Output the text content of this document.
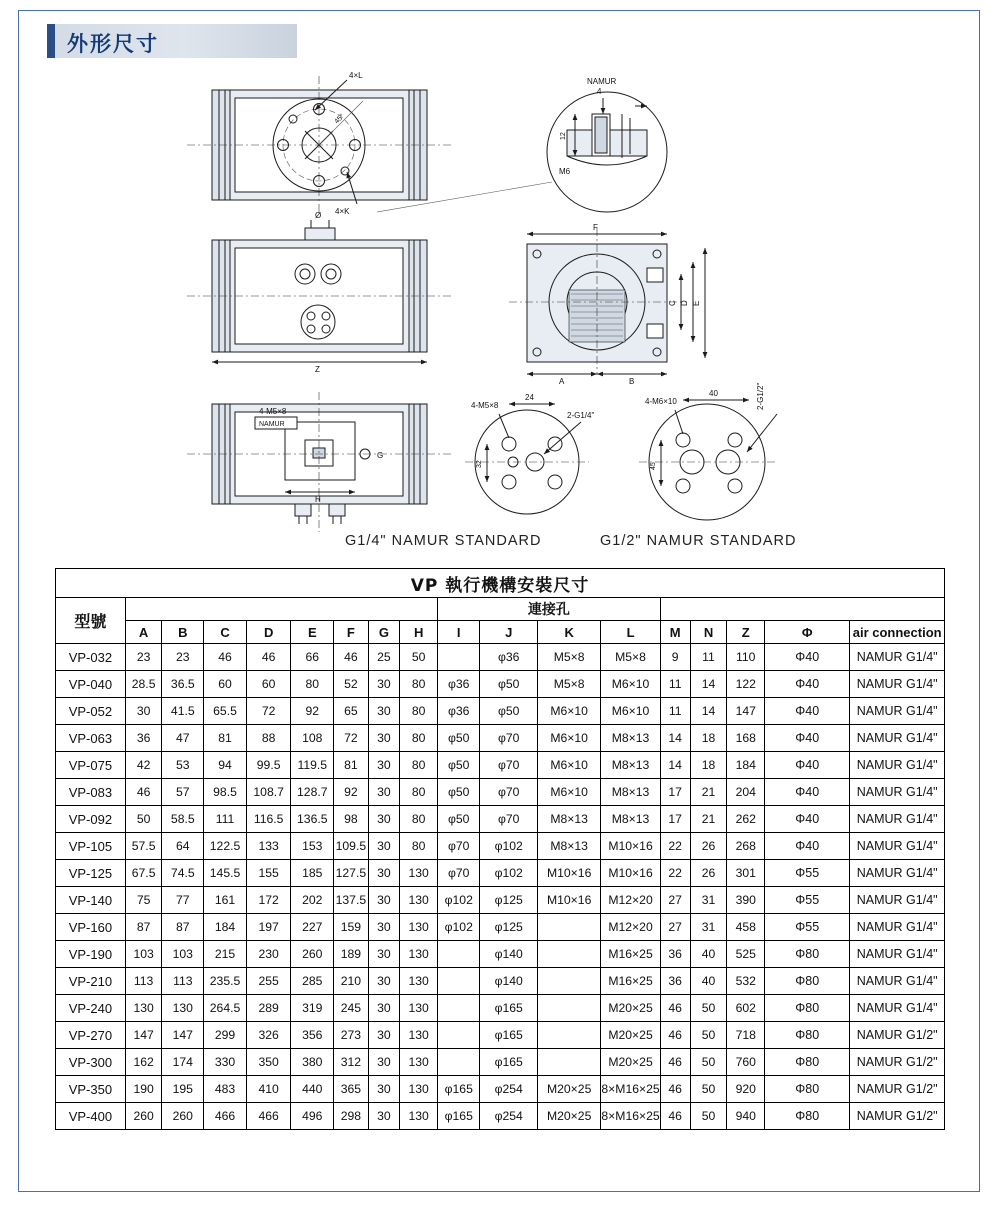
外形尺寸
45°
4×L
4×K
NAMUR
4
12
M6
Ø
Z
F
A	B
C D E
G
4-M5×8
NAMUR
H
4-M5×8
24
32
2-G1/4"
4-M6×10
40
45
2-G1/2"
G1/4" NAMUR STANDARD	G1/2" NAMUR STANDARD
VP 執行機構安裝尺寸																	
型號									連接孔								
	A	B	C	D	E	F	G	H	I	J	K	L	M	N	Z	Φ	air connection
VP-032	23	23	46	46	66	46	25	50		φ36	M5×8	M5×8	9	11	110	Φ40	NAMUR G1/4"
VP-040	28.5	36.5	60	60	80	52	30	80	φ36	φ50	M5×8	M6×10	11	14	122	Φ40	NAMUR G1/4"
VP-052	30	41.5	65.5	72	92	65	30	80	φ36	φ50	M6×10	M6×10	11	14	147	Φ40	NAMUR G1/4"
VP-063	36	47	81	88	108	72	30	80	φ50	φ70	M6×10	M8×13	14	18	168	Φ40	NAMUR G1/4"
VP-075	42	53	94	99.5	119.5	81	30	80	φ50	φ70	M6×10	M8×13	14	18	184	Φ40	NAMUR G1/4"
VP-083	46	57	98.5	108.7	128.7	92	30	80	φ50	φ70	M6×10	M8×13	17	21	204	Φ40	NAMUR G1/4"
VP-092	50	58.5	111	116.5	136.5	98	30	80	φ50	φ70	M8×13	M8×13	17	21	262	Φ40	NAMUR G1/4"
VP-105	57.5	64	122.5	133	153	109.5	30	80	φ70	φ102	M8×13	M10×16	22	26	268	Φ40	NAMUR G1/4"
VP-125	67.5	74.5	145.5	155	185	127.5	30	130	φ70	φ102	M10×16	M10×16	22	26	301	Φ55	NAMUR G1/4"
VP-140	75	77	161	172	202	137.5	30	130	φ102	φ125	M10×16	M12×20	27	31	390	Φ55	NAMUR G1/4"
VP-160	87	87	184	197	227	159	30	130	φ102	φ125		M12×20	27	31	458	Φ55	NAMUR G1/4"
VP-190	103	103	215	230	260	189	30	130		φ140		M16×25	36	40	525	Φ80	NAMUR G1/4"
VP-210	113	113	235.5	255	285	210	30	130		φ140		M16×25	36	40	532	Φ80	NAMUR G1/4"
VP-240	130	130	264.5	289	319	245	30	130		φ165		M20×25	46	50	602	Φ80	NAMUR G1/4"
VP-270	147	147	299	326	356	273	30	130		φ165		M20×25	46	50	718	Φ80	NAMUR G1/2"
VP-300	162	174	330	350	380	312	30	130		φ165		M20×25	46	50	760	Φ80	NAMUR G1/2"
VP-350	190	195	483	410	440	365	30	130	φ165	φ254	M20×25	8×M16×25	46	50	920	Φ80	NAMUR G1/2"
VP-400	260	260	466	466	496	298	30	130	φ165	φ254	M20×25	8×M16×25	46	50	940	Φ80	NAMUR G1/2"
